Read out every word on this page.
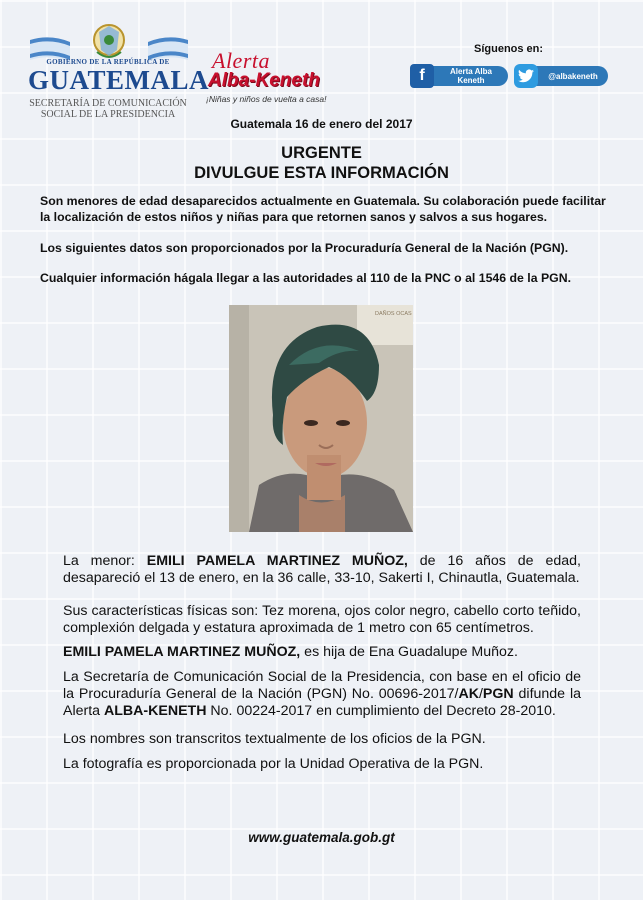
GOBIERNO DE LA REPÚBLICA DE
GUATEMALA
SECRETARÍA DE COMUNICACIÓN
SOCIAL DE LA PRESIDENCIA
Alerta
Alba-Keneth
¡Niñas y niños de vuelta a casa!
Síguenos en:
f	Alerta Alba Keneth	@albakeneth
Guatemala 16 de enero del 2017
URGENTE
DIVULGUE ESTA INFORMACIÓN
Son menores de edad desaparecidos actualmente en Guatemala. Su colaboración puede facilitar la localización de estos niños y niñas para que retornen sanos y salvos a sus hogares.
Los siguientes datos son proporcionados por la Procuraduría General de la Nación (PGN).
Cualquier información hágala llegar a las autoridades al 110 de la PNC o al 1546 de la PGN.
DAÑOS OCAS
La menor: EMILI PAMELA MARTINEZ MUÑOZ, de 16 años de edad, desapareció el 13 de enero, en la 36 calle, 33-10, Sakerti I, Chinautla, Guatemala.
Sus características físicas son: Tez morena, ojos color negro, cabello corto teñido, complexión delgada y estatura aproximada de 1 metro con 65 centímetros.
EMILI PAMELA MARTINEZ MUÑOZ, es hija de Ena Guadalupe Muñoz.
La Secretaría de Comunicación Social de la Presidencia, con base en el oficio de la Procuraduría General de la Nación (PGN) No. 00696-2017/AK/PGN difunde la Alerta ALBA-KENETH No. 00224-2017 en cumplimiento del Decreto 28-2010.
Los nombres son transcritos textualmente de los oficios de la PGN.
La fotografía es proporcionada por la Unidad Operativa de la PGN.
www.guatemala.gob.gt
